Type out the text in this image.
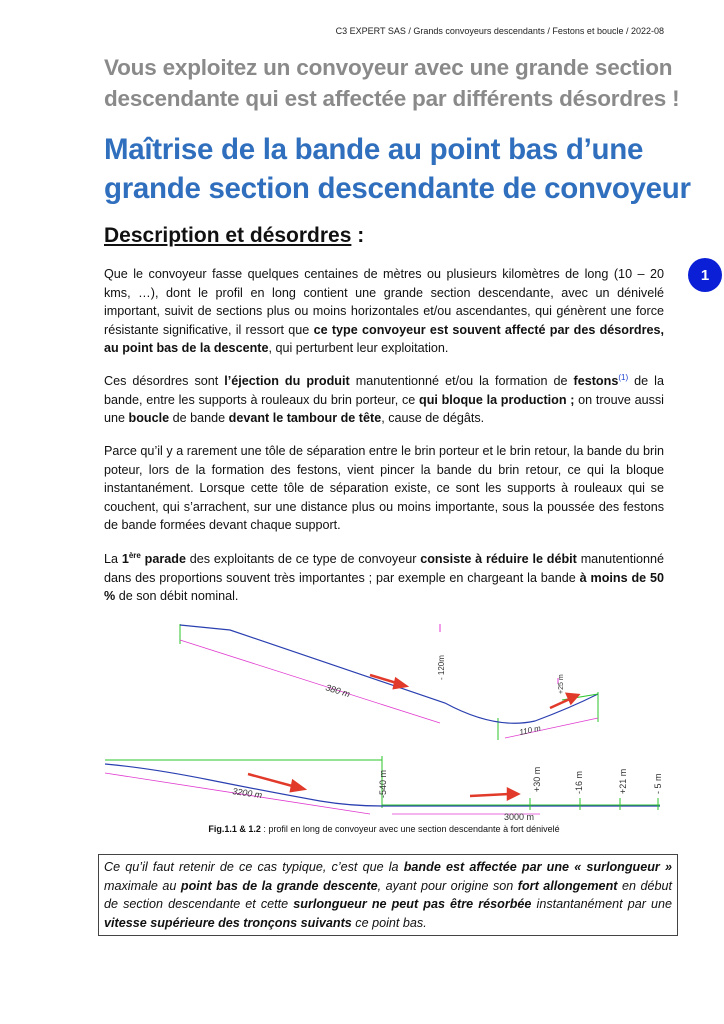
C3 EXPERT SAS / Grands convoyeurs descendants / Festons et boucle / 2022-08
Vous exploitez un convoyeur avec une grande section descendante qui est affectée par différents désordres !
Maîtrise de la bande au point bas d’une grande section descendante de convoyeur
Description et désordres :
1
Que le convoyeur fasse quelques centaines de mètres ou plusieurs kilomètres de long (10 – 20 kms, …), dont le profil en long contient une grande section descendante, avec un dénivelé important, suivit de sections plus ou moins horizontales et/ou ascendantes, qui génèrent une force résistante significative, il ressort que ce type convoyeur est souvent affecté par des désordres, au point bas de la descente, qui perturbent leur exploitation.
Ces désordres sont l’éjection du produit manutentionné et/ou la formation de festons$^{(1)}$ de la bande, entre les supports à rouleaux du brin porteur, ce qui bloque la production ; on trouve aussi une boucle de bande devant le tambour de tête, cause de dégâts.
Parce qu’il y a rarement une tôle de séparation entre le brin porteur et le brin retour, la bande du brin poteur, lors de la formation des festons, vient pincer la bande du brin retour, ce qui la bloque instantanément. Lorsque cette tôle de séparation existe, ce sont les supports à rouleaux qui se couchent, qui s’arrachent, sur une distance plus ou moins importante, sous la poussée des festons de bande formées devant chaque support.
La 1ère parade des exploitants de ce type de convoyeur consiste à réduire le débit manutentionné dans des proportions souvent très importantes ; par exemple en chargeant la bande à moins de 50 % de son débit nominal.
380 m
- 120m
110 m
+25 m
3200 m	-540 m
3000 m
+30 m	-16 m	+21 m	- 5 m
Fig.1.1 & 1.2 : profil en long de convoyeur avec une section descendante à fort dénivelé
Ce qu’il faut retenir de ce cas typique, c’est que la bande est affectée par une « surlongueur » maximale au point bas de la grande descente, ayant pour origine son fort allongement en début de section descendante et cette surlongueur ne peut pas être résorbée instantanément par une vitesse supérieure des tronçons suivants ce point bas.
